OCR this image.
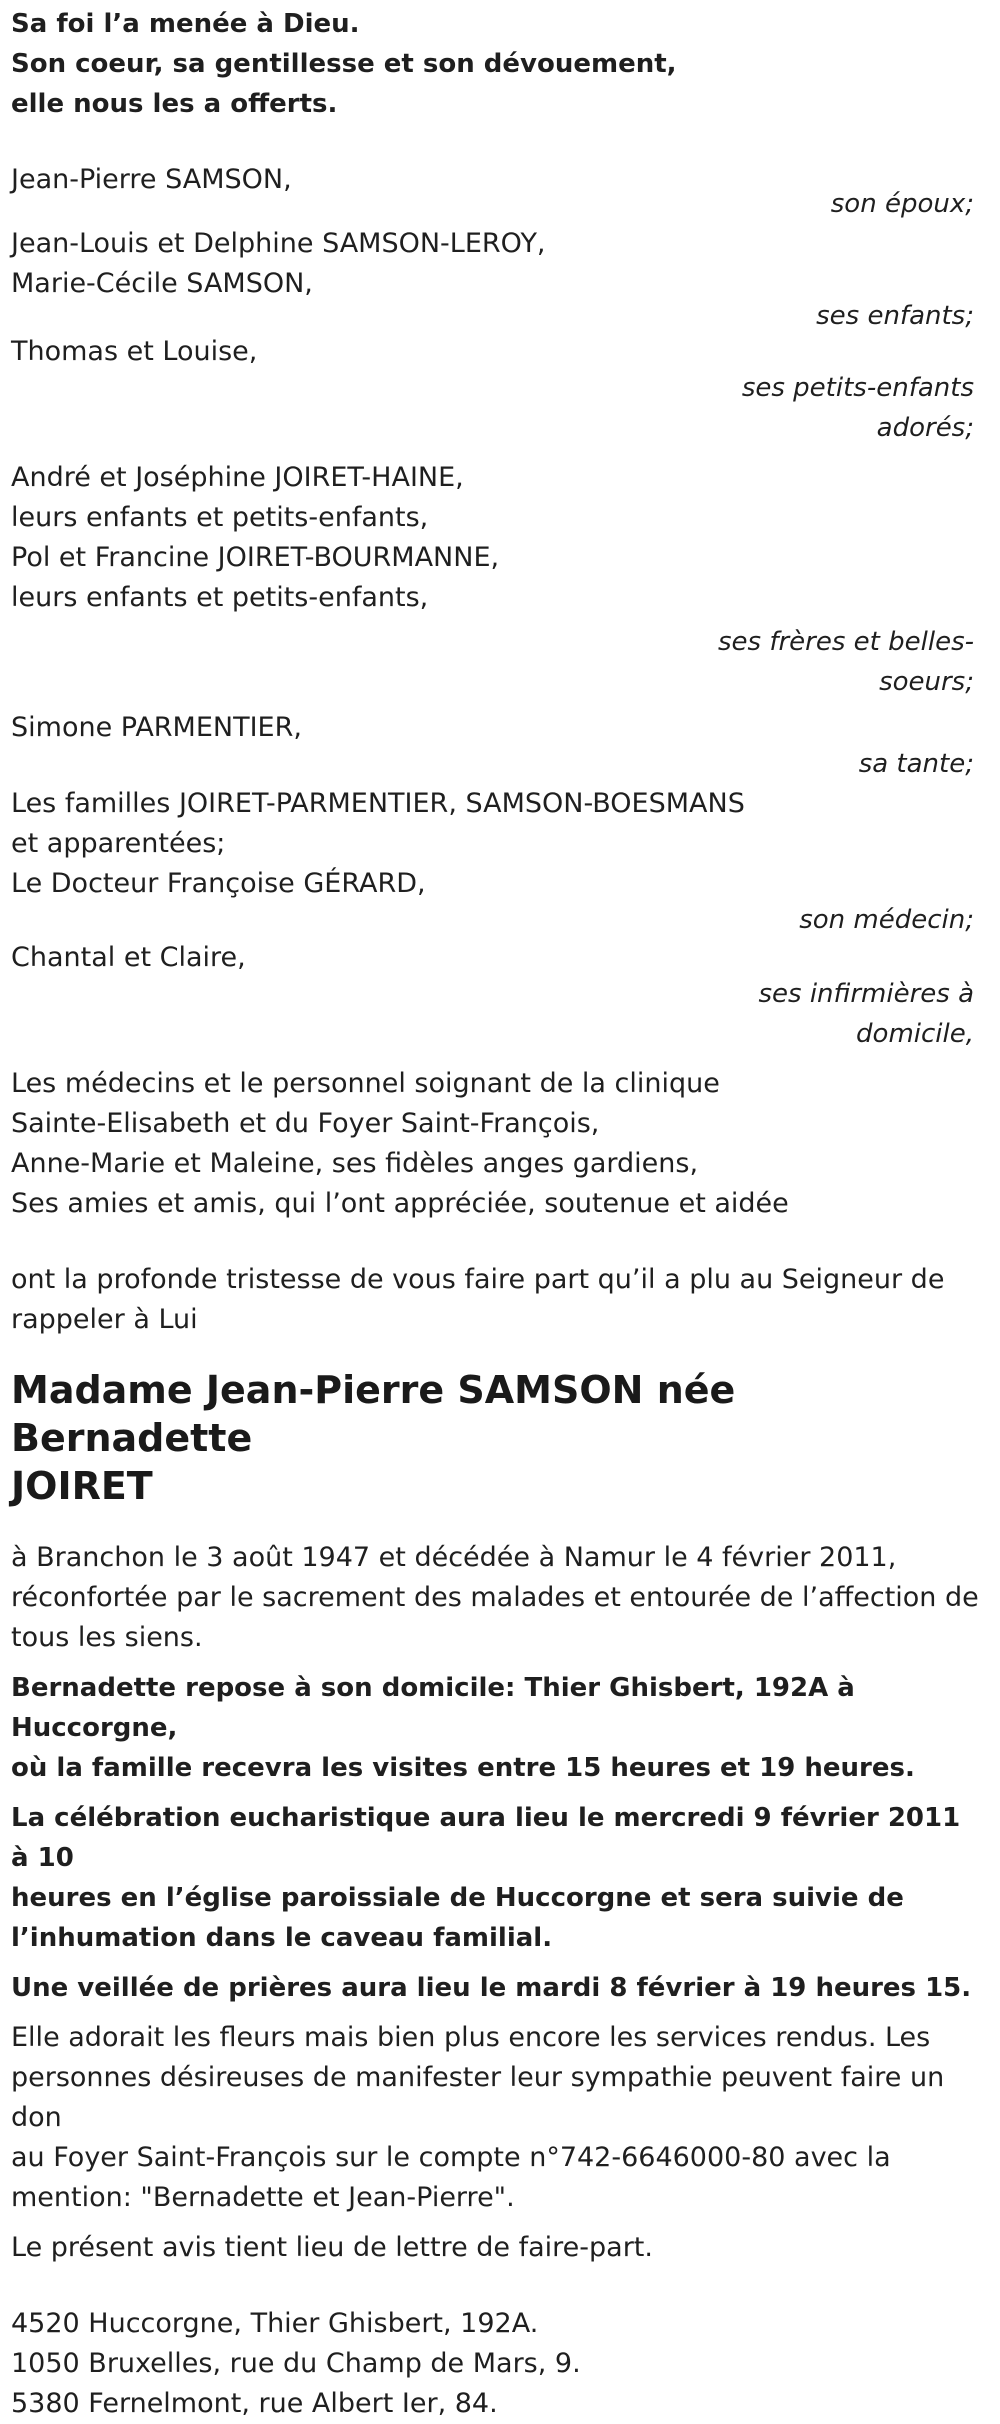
Sa foi l’a menée à Dieu.
Son coeur, sa gentillesse et son dévouement,
elle nous les a offerts.
Jean-Pierre SAMSON,
son époux;
Jean-Louis et Delphine SAMSON-LEROY,
Marie-Cécile SAMSON,
ses enfants;
Thomas et Louise,
ses petits-enfants
adorés;
André et Joséphine JOIRET-HAINE,
leurs enfants et petits-enfants,
Pol et Francine JOIRET-BOURMANNE,
leurs enfants et petits-enfants,
ses frères et belles-
soeurs;
Simone PARMENTIER,
sa tante;
Les familles JOIRET-PARMENTIER, SAMSON-BOESMANS
et apparentées;
Le Docteur Françoise GÉRARD,
son médecin;
Chantal et Claire,
ses infirmières à
domicile,
Les médecins et le personnel soignant de la clinique
Sainte-Elisabeth et du Foyer Saint-François,
Anne-Marie et Maleine, ses fidèles anges gardiens,
Ses amies et amis, qui l’ont appréciée, soutenue et aidée
ont la profonde tristesse de vous faire part qu’il a plu au Seigneur de
rappeler à Lui
Madame Jean-Pierre SAMSON née Bernadette
JOIRET
à Branchon le 3 août 1947 et décédée à Namur le 4 février 2011,
réconfortée par le sacrement des malades et entourée de l’affection de
tous les siens.
Bernadette repose à son domicile: Thier Ghisbert, 192A à Huccorgne,
où la famille recevra les visites entre 15 heures et 19 heures.
La célébration eucharistique aura lieu le mercredi 9 février 2011 à 10
heures en l’église paroissiale de Huccorgne et sera suivie de
l’inhumation dans le caveau familial.
Une veillée de prières aura lieu le mardi 8 février à 19 heures 15.
Elle adorait les fleurs mais bien plus encore les services rendus. Les
personnes désireuses de manifester leur sympathie peuvent faire un don
au Foyer Saint-François sur le compte n°742-6646000-80 avec la
mention: "Bernadette et Jean-Pierre".
Le présent avis tient lieu de lettre de faire-part.
4520 Huccorgne, Thier Ghisbert, 192A.
1050 Bruxelles, rue du Champ de Mars, 9.
5380 Fernelmont, rue Albert Ier, 84.
